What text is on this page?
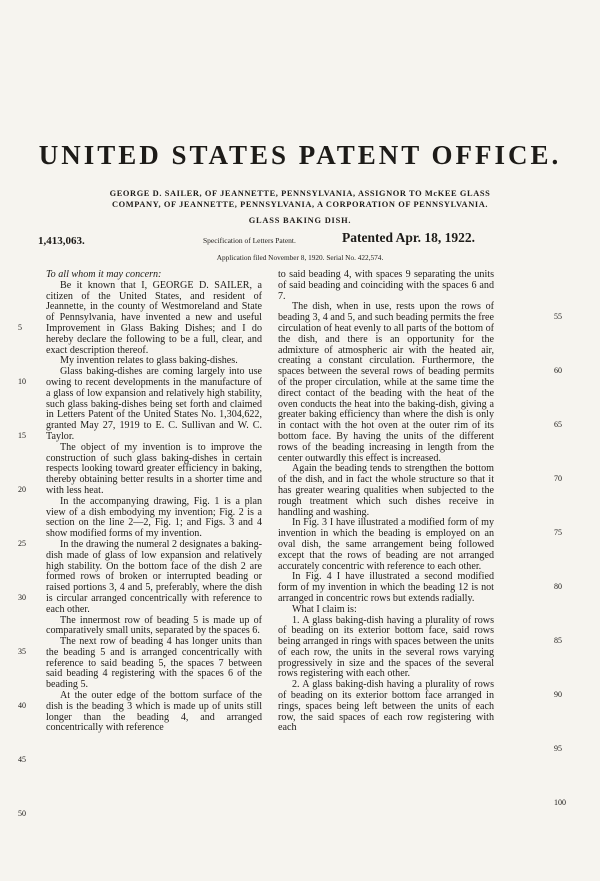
UNITED STATES PATENT OFFICE.
GEORGE D. SAILER, OF JEANNETTE, PENNSYLVANIA, ASSIGNOR TO McKEE GLASS
COMPANY, OF JEANNETTE, PENNSYLVANIA, A CORPORATION OF PENNSYLVANIA.
GLASS BAKING DISH.
1,413,063.	Specification of Letters Patent.	Patented Apr. 18, 1922.
Application filed November 8, 1920. Serial No. 422,574.

To all whom it may concern:

Be it known that I, GEORGE D. SAILER, a citizen of the United States, and resident of Jeannette, in the county of Westmoreland and State of Pennsylvania, have invented a new and useful Improvement in Glass Baking Dishes; and I do hereby declare the following to be a full, clear, and exact description thereof.

My invention relates to glass baking-dishes.

Glass baking-dishes are coming largely into use owing to recent developments in the manufacture of a glass of low expansion and relatively high stability, such glass baking-dishes being set forth and claimed in Letters Patent of the United States No. 1,304,622, granted May 27, 1919 to E. C. Sullivan and W. C. Taylor.

The object of my invention is to improve the construction of such glass baking-dishes in certain respects looking toward greater efficiency in baking, thereby obtaining better results in a shorter time and with less heat.

In the accompanying drawing, Fig. 1 is a plan view of a dish embodying my invention; Fig. 2 is a section on the line 2—2, Fig. 1; and Figs. 3 and 4 show modified forms of my invention.

In the drawing the numeral 2 designates a baking-dish made of glass of low expansion and relatively high stability. On the bottom face of the dish 2 are formed rows of broken or interrupted beading or raised portions 3, 4 and 5, preferably, where the dish is circular arranged concentrically with reference to each other.

The innermost row of beading 5 is made up of comparatively small units, separated by the spaces 6.

The next row of beading 4 has longer units than the beading 5 and is arranged concentrically with reference to said beading 5, the spaces 7 between said beading 4 registering with the spaces 6 of the beading 5.

At the outer edge of the bottom surface of the dish is the beading 3 which is made up of units still longer than the beading 4, and arranged concentrically with reference

to said beading 4, with spaces 9 separating the units of said beading and coinciding with the spaces 6 and 7.

The dish, when in use, rests upon the rows of beading 3, 4 and 5, and such beading permits the free circulation of heat evenly to all parts of the bottom of the dish, and there is an opportunity for the admixture of atmospheric air with the heated air, creating a constant circulation. Furthermore, the spaces between the several rows of beading permits of the proper circulation, while at the same time the direct contact of the beading with the heat of the oven conducts the heat into the baking-dish, giving a greater baking efficiency than where the dish is only in contact with the hot oven at the outer rim of its bottom face. By having the units of the different rows of the beading increasing in length from the center outwardly this effect is increased.

Again the beading tends to strengthen the bottom of the dish, and in fact the whole structure so that it has greater wearing qualities when subjected to the rough treatment which such dishes receive in handling and washing.

In Fig. 3 I have illustrated a modified form of my invention in which the beading is employed on an oval dish, the same arrangement being followed except that the rows of beading are not arranged accurately concentric with reference to each other.

In Fig. 4 I have illustrated a second modified form of my invention in which the beading 12 is not arranged in concentric rows but extends radially.

What I claim is:

1. A glass baking-dish having a plurality of rows of beading on its exterior bottom face, said rows being arranged in rings with spaces between the units of each row, the units in the several rows varying progressively in size and the spaces of the several rows registering with each other.

2. A glass baking-dish having a plurality of rows of beading on its exterior bottom face arranged in rings, spaces being left between the units of each row, the said spaces of each row registering with each

5
10
15
20
25
30
35
40
45
50
55
60
65
70
75
80
85
90
95
100
